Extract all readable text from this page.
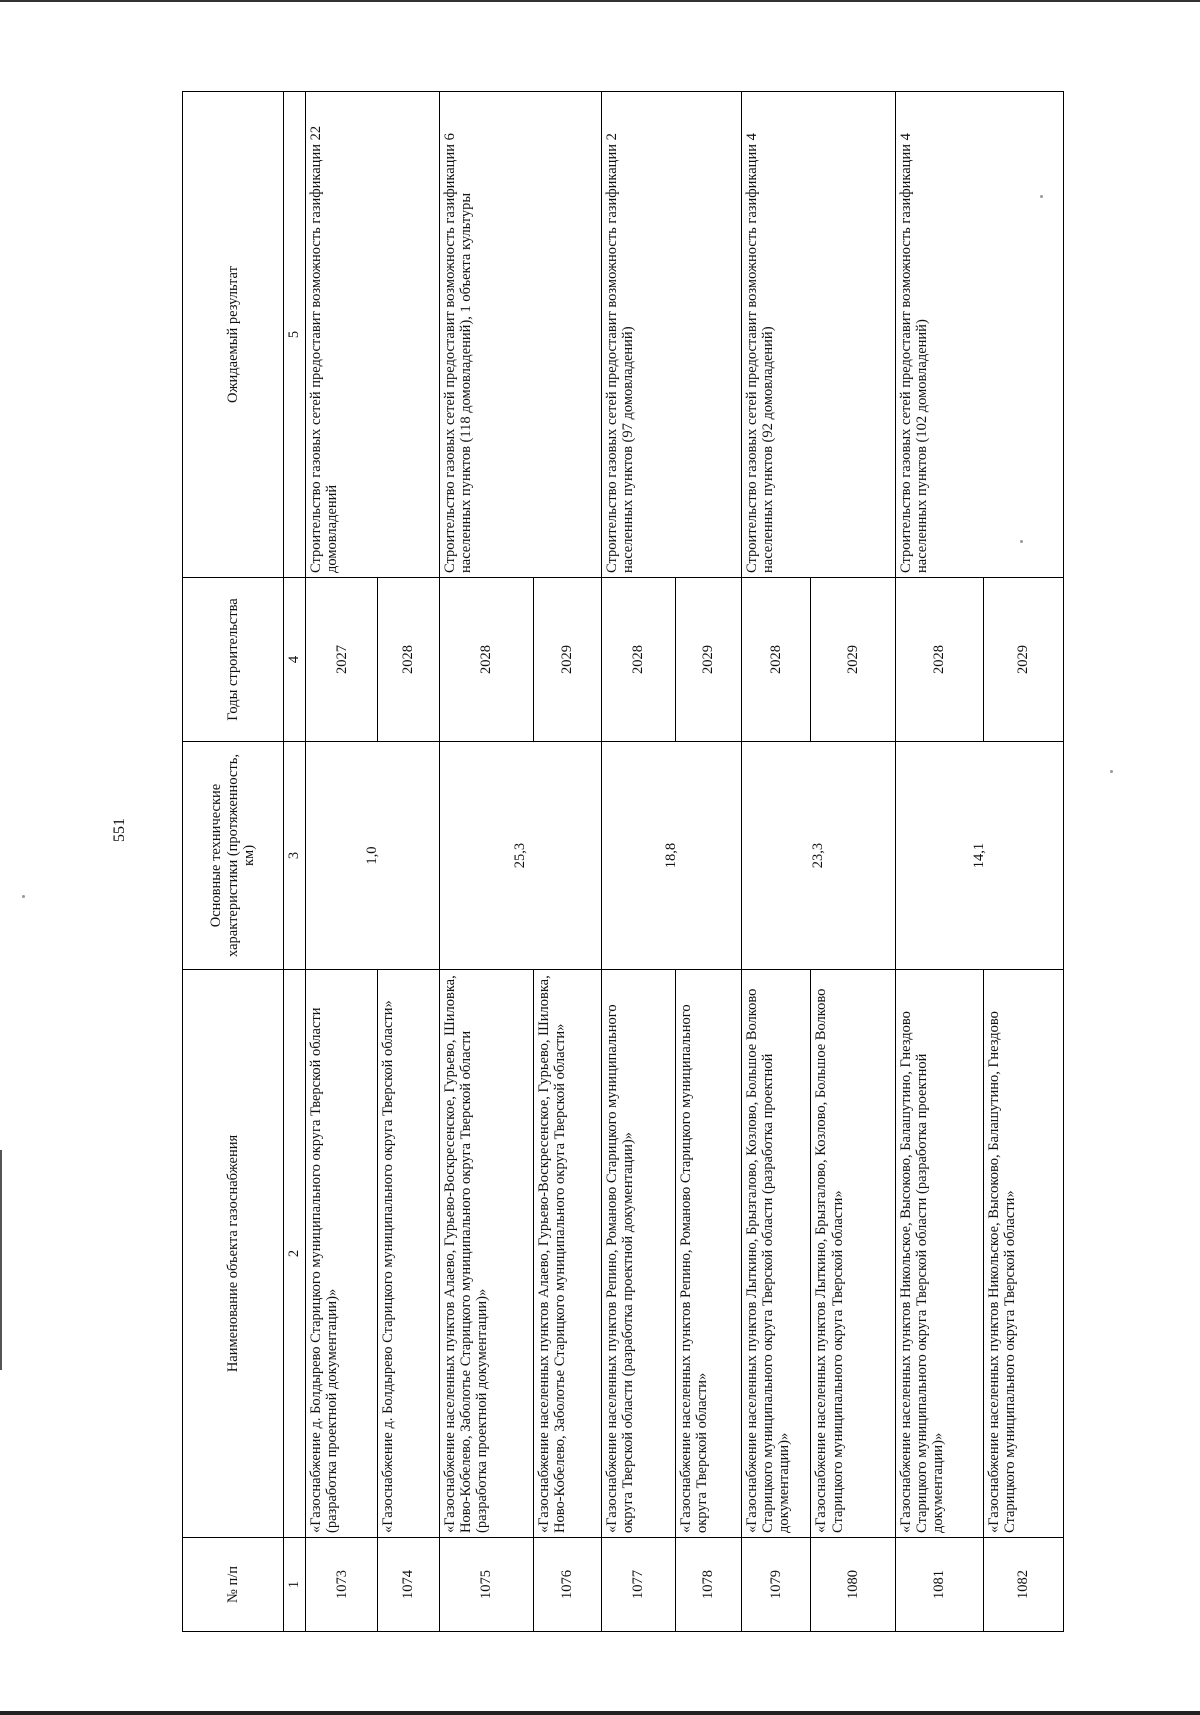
551
№ п/п	Наименование объекта газоснабжения	Основные технические характеристики (протяженность, км)	Годы строительства	Ожидаемый результат
1	2	3	4	5
1073	«Газоснабжение д. Болдырево Старицкого муниципального округа Тверской области (разработка проектной документации)»	1,0	2027	Строительство газовых сетей предоставит возможность газификации 22 домовладений
1074	«Газоснабжение д. Болдырево Старицкого муниципального округа Тверской области»		2028	
1075	«Газоснабжение населенных пунктов Алаево, Гурьево-Воскресенское, Гурьево, Шиловка, Ново-Кобелево, Заболотье Старицкого муниципального округа Тверской области (разработка проектной документации)»	25,3	2028	Строительство газовых сетей предоставит возможность газификации 6 населенных пунктов (118 домовладений), 1 объекта культуры
1076	«Газоснабжение населенных пунктов Алаево, Гурьево-Воскресенское, Гурьево, Шиловка, Ново-Кобелево, Заболотье Старицкого муниципального округа Тверской области»		2029	
1077	«Газоснабжение населенных пунктов Репино, Романово Старицкого муниципального округа Тверской области (разработка проектной документации)»	18,8	2028	Строительство газовых сетей предоставит возможность газификации 2 населенных пунктов (97 домовладений)
1078	«Газоснабжение населенных пунктов Репино, Романово Старицкого муниципального округа Тверской области»		2029	
1079	«Газоснабжение населенных пунктов Лыткино, Брызгалово, Козлово, Большое Волково Старицкого муниципального округа Тверской области (разработка проектной документации)»	23,3	2028	Строительство газовых сетей предоставит возможность газификации 4 населенных пунктов (92 домовладений)
1080	«Газоснабжение населенных пунктов Лыткино, Брызгалово, Козлово, Большое Волково Старицкого муниципального округа Тверской области»		2029	
1081	«Газоснабжение населенных пунктов Никольское, Высоково, Балашутино, Гнездово Старицкого муниципального округа Тверской области (разработка проектной документации)»	14,1	2028	Строительство газовых сетей предоставит возможность газификации 4 населенных пунктов (102 домовладений)
1082	«Газоснабжение населенных пунктов Никольское, Высоково, Балашутино, Гнездово Старицкого муниципального округа Тверской области»		2029	
